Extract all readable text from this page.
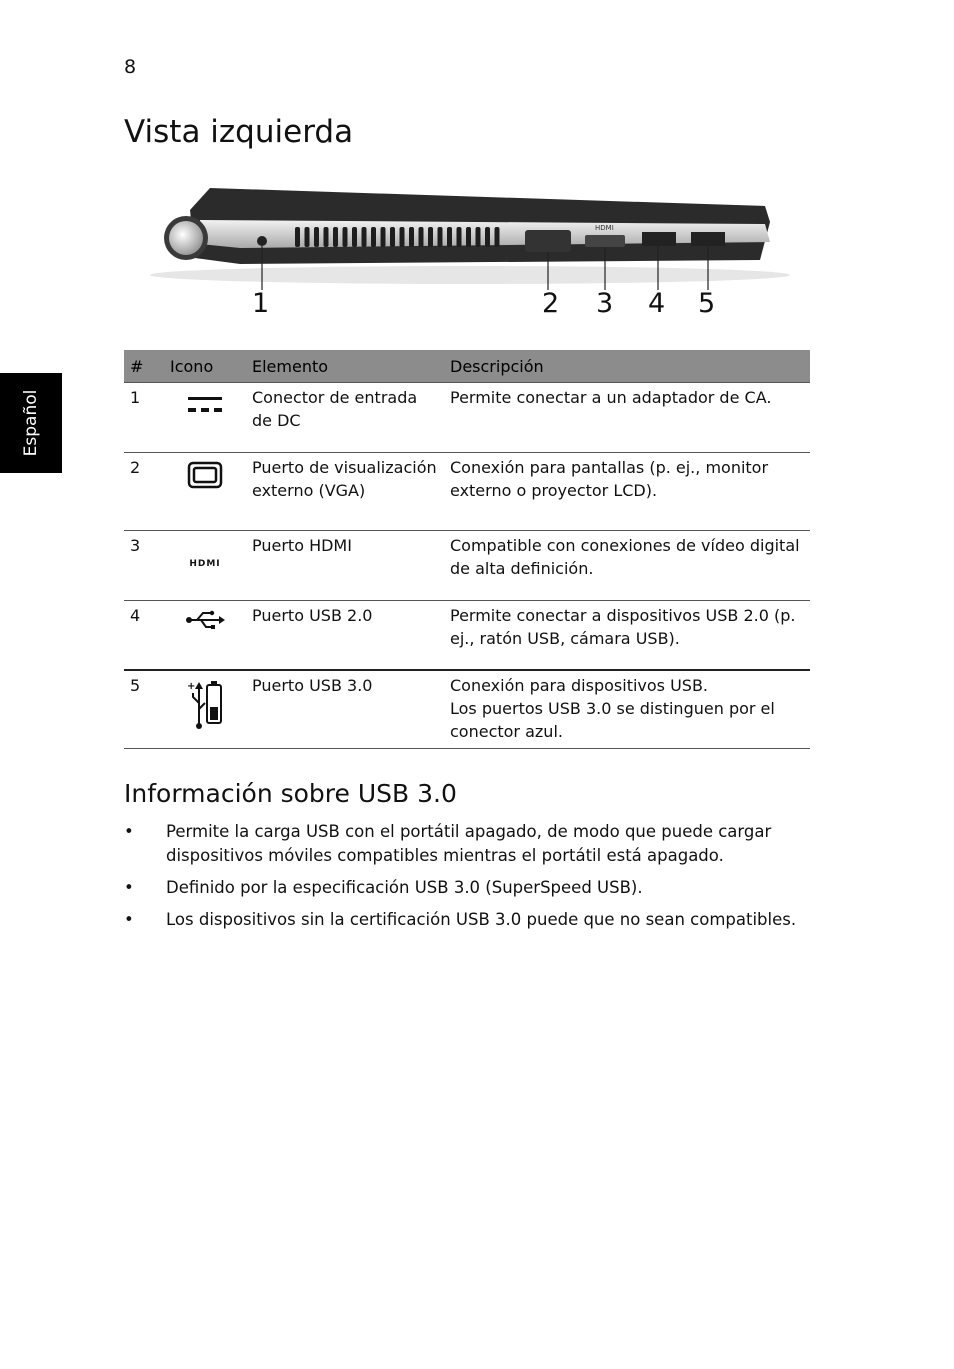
8
Vista izquierda
Español
HDMI
1	2 3 4 5
#	Icono	Elemento	Descripción
1		Conector de entrada de DC	Permite conectar a un adaptador de CA.
2		Puerto de visualización externo (VGA)	Conexión para pantallas (p. ej., monitor externo o proyector LCD).
3	HDMI	Puerto HDMI	Compatible con conexiones de vídeo digital de alta definición.
4		Puerto USB 2.0	Permite conectar a dispositivos USB 2.0 (p. ej., ratón USB, cámara USB).
5	+	Puerto USB 3.0	Conexión para dispositivos USB.
Los puertos USB 3.0 se distinguen por el conector azul.
Información sobre USB 3.0
• Permite la carga USB con el portátil apagado, de modo que puede cargar dispositivos móviles compatibles mientras el portátil está apagado.
• Definido por la especificación USB 3.0 (SuperSpeed USB).
• Los dispositivos sin la certificación USB 3.0 puede que no sean compatibles.
